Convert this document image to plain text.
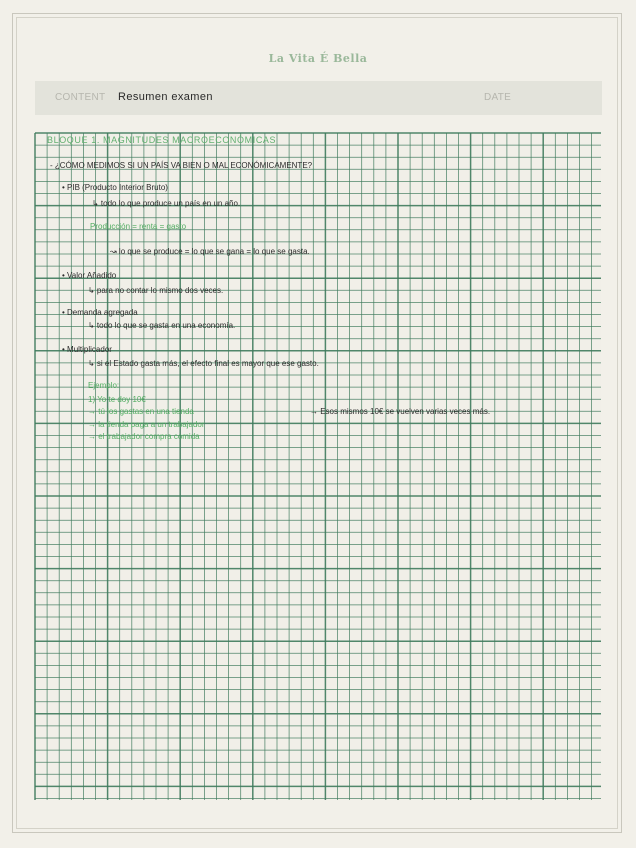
La Vita É Bella
CONTENT Resumen examen	DATE
BLOQUE 1. MAGNITUDES MACROECONÓMICAS
- ¿CÓMO MEDIMOS SI UN PAÍS VA BIEN O MAL ECONÓMICAMENTE?
• PIB (Producto Interior Bruto)
↳ todo lo que produce un país en un año.
Producción = renta = gasto
↝ lo que se produce = lo que se gana = lo que se gasta.
• Valor Añadido
↳ para no contar lo mismo dos veces.
• Demanda agregada
↳ todo lo que se gasta en una economía.
• Multiplicador
↳ si el Estado gasta más, el efecto final es mayor que ese gasto.
Ejemplo:
1) Yo te doy 10€
→ tú los gastas en una tienda
→ la tienda paga a un trabajador
→ el trabajador compra comida
→ Esos mismos 10€ se vuelven varias veces más.
